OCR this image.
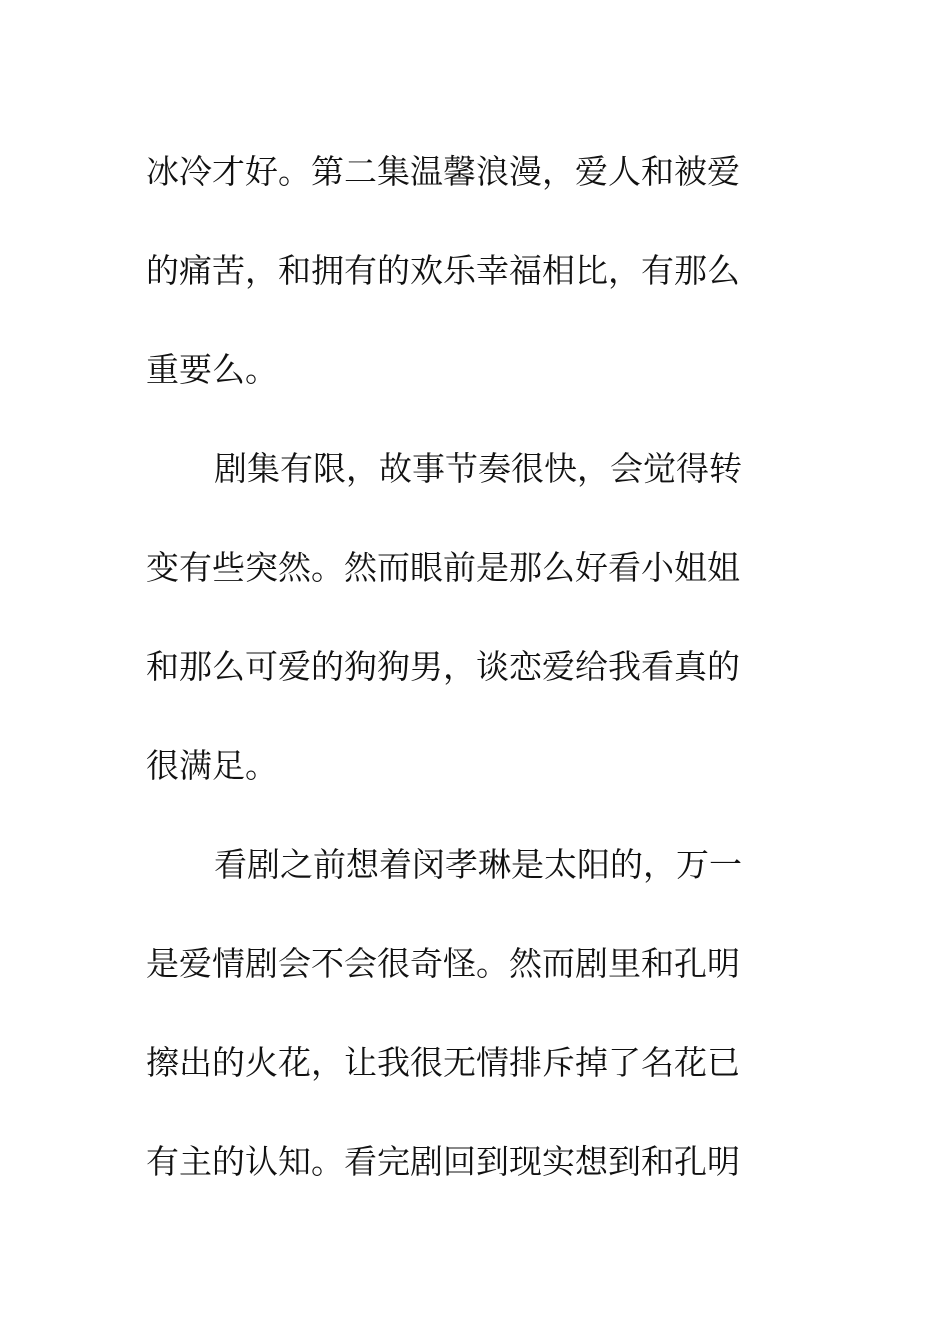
冰冷才好。第二集温馨浪漫，爱人和被爱
的痛苦，和拥有的欢乐幸福相比，有那么
重要么。

剧集有限，故事节奏很快，会觉得转
变有些突然。然而眼前是那么好看小姐姐
和那么可爱的狗狗男，谈恋爱给我看真的
很满足。

看剧之前想着闵孝琳是太阳的，万一
是爱情剧会不会很奇怪。然而剧里和孔明
擦出的火花，让我很无情排斥掉了名花已
有主的认知。看完剧回到现实想到和孔明
